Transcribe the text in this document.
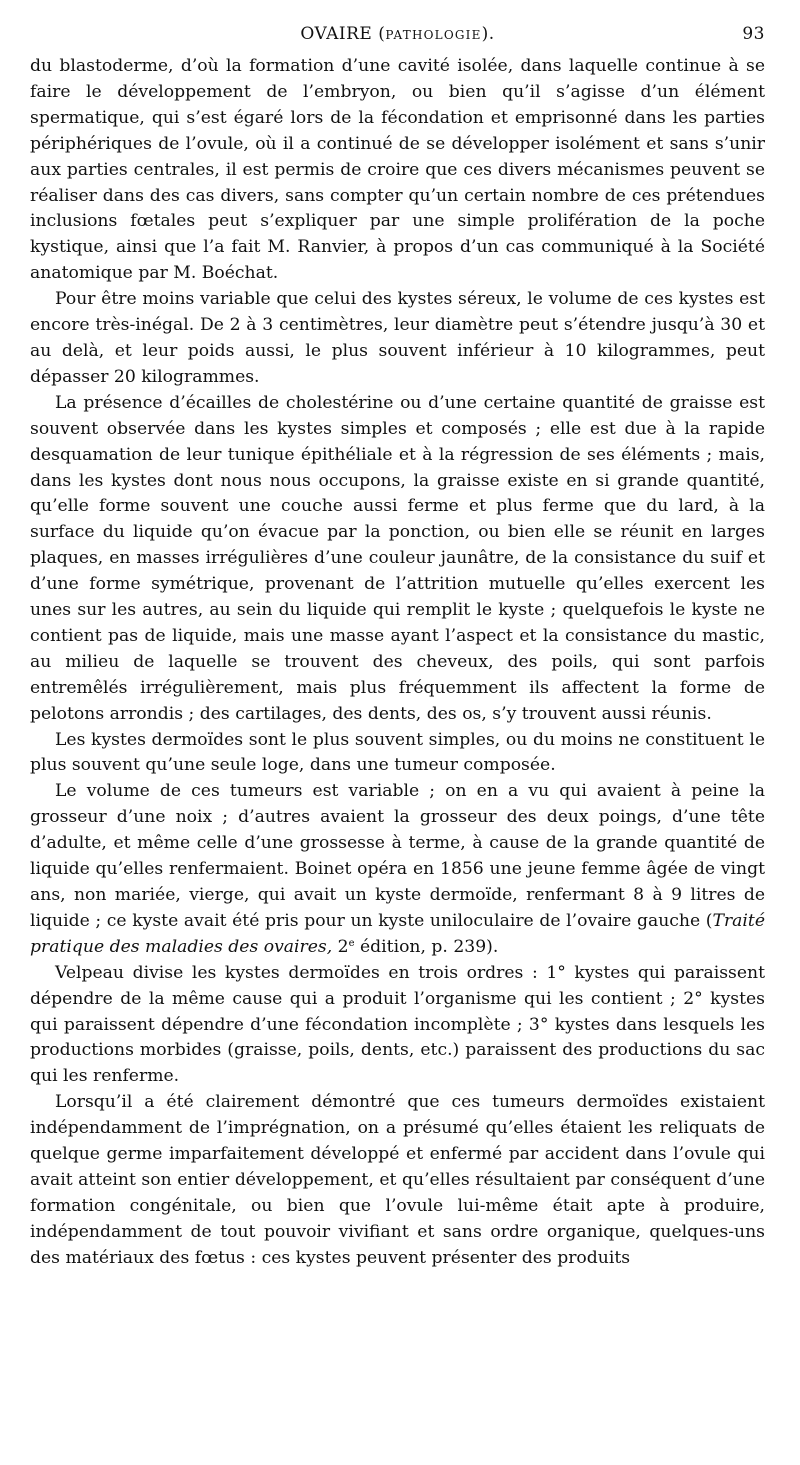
OVAIRE (PATHOLOGIE).	93

du blastoderme, d’où la formation d’une cavité isolée, dans laquelle continue à se faire le développement de l’embryon, ou bien qu’il s’agisse d’un élément spermatique, qui s’est égaré lors de la fécondation et emprisonné dans les parties périphériques de l’ovule, où il a continué de se développer isolément et sans s’unir aux parties centrales, il est permis de croire que ces divers mécanismes peuvent se réaliser dans des cas divers, sans compter qu’un certain nombre de ces prétendues inclusions fœtales peut s’expliquer par une simple prolifération de la poche kystique, ainsi que l’a fait M. Ranvier, à propos d’un cas communiqué à la Société anatomique par M. Boéchat.

Pour être moins variable que celui des kystes séreux, le volume de ces kystes est encore très-inégal. De 2 à 3 centimètres, leur diamètre peut s’étendre jusqu’à 30 et au delà, et leur poids aussi, le plus souvent inférieur à 10 kilogrammes, peut dépasser 20 kilogrammes.

La présence d’écailles de cholestérine ou d’une certaine quantité de graisse est souvent observée dans les kystes simples et composés ; elle est due à la rapide desquamation de leur tunique épithéliale et à la régression de ses éléments ; mais, dans les kystes dont nous nous occupons, la graisse existe en si grande quantité, qu’elle forme souvent une couche aussi ferme et plus ferme que du lard, à la surface du liquide qu’on évacue par la ponction, ou bien elle se réunit en larges plaques, en masses irrégulières d’une couleur jaunâtre, de la consistance du suif et d’une forme symétrique, provenant de l’attrition mutuelle qu’elles exercent les unes sur les autres, au sein du liquide qui remplit le kyste ; quelquefois le kyste ne contient pas de liquide, mais une masse ayant l’aspect et la consistance du mastic, au milieu de laquelle se trouvent des cheveux, des poils, qui sont parfois entremêlés irrégulièrement, mais plus fréquemment ils affectent la forme de pelotons arrondis ; des cartilages, des dents, des os, s’y trouvent aussi réunis.

Les kystes dermoïdes sont le plus souvent simples, ou du moins ne constituent le plus souvent qu’une seule loge, dans une tumeur composée.

Le volume de ces tumeurs est variable ; on en a vu qui avaient à peine la grosseur d’une noix ; d’autres avaient la grosseur des deux poings, d’une tête d’adulte, et même celle d’une grossesse à terme, à cause de la grande quantité de liquide qu’elles renfermaient. Boinet opéra en 1856 une jeune femme âgée de vingt ans, non mariée, vierge, qui avait un kyste dermoïde, renfermant 8 à 9 litres de liquide ; ce kyste avait été pris pour un kyste uniloculaire de l’ovaire gauche (Traité pratique des maladies des ovaires, 2e édition, p. 239).

Velpeau divise les kystes dermoïdes en trois ordres : 1° kystes qui paraissent dépendre de la même cause qui a produit l’organisme qui les contient ; 2° kystes qui paraissent dépendre d’une fécondation incomplète ; 3° kystes dans lesquels les productions morbides (graisse, poils, dents, etc.) paraissent des productions du sac qui les renferme.

Lorsqu’il a été clairement démontré que ces tumeurs dermoïdes existaient indépendamment de l’imprégnation, on a présumé qu’elles étaient les reliquats de quelque germe imparfaitement développé et enfermé par accident dans l’ovule qui avait atteint son entier développement, et qu’elles résultaient par conséquent d’une formation congénitale, ou bien que l’ovule lui-même était apte à produire, indépendamment de tout pouvoir vivifiant et sans ordre organique, quelques-uns des matériaux des fœtus : ces kystes peuvent présenter des produits
